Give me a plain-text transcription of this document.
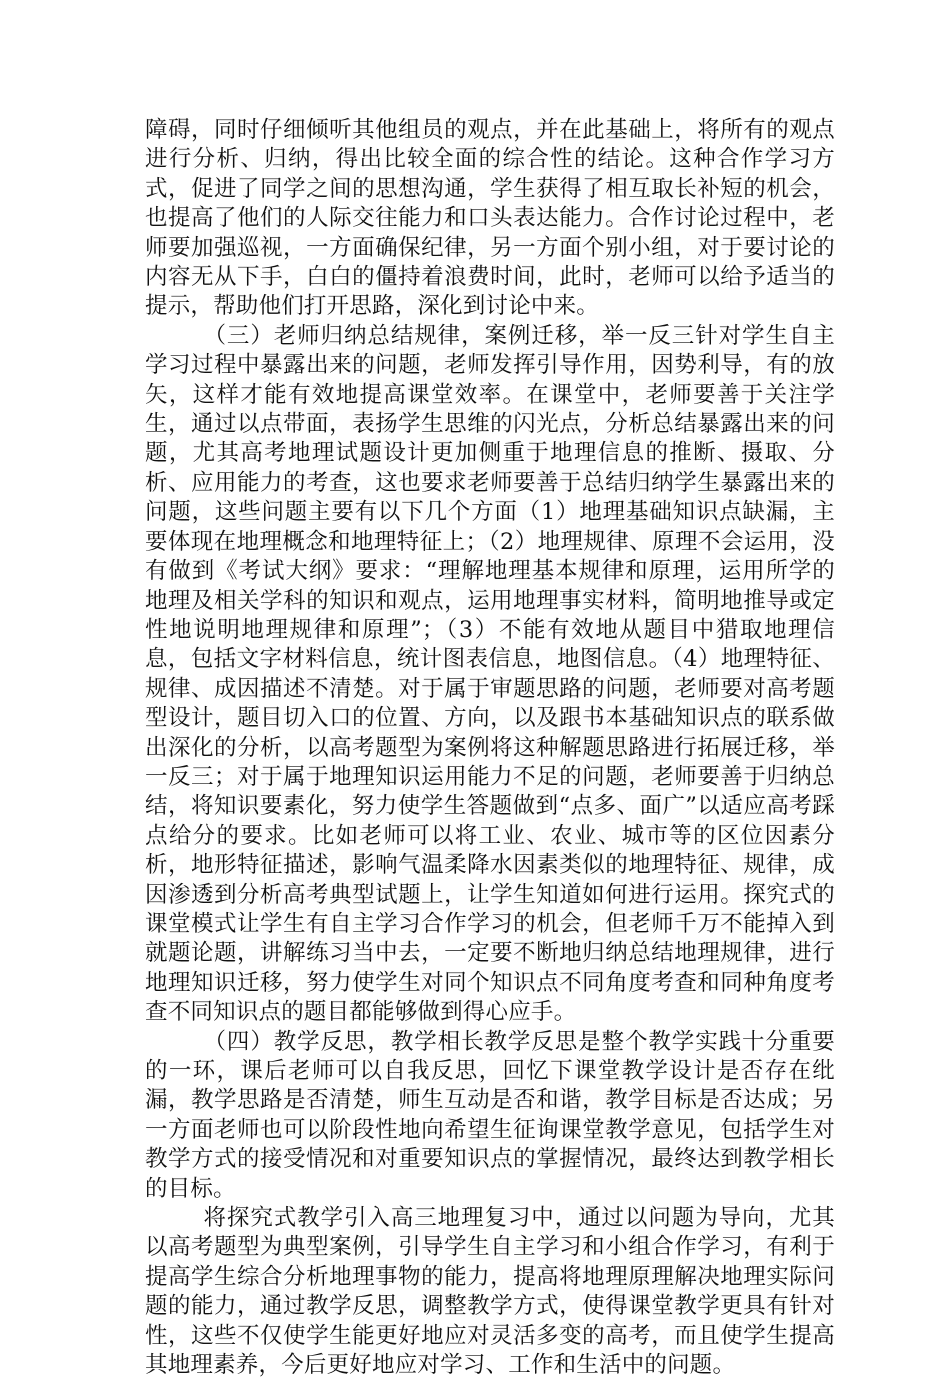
障碍，同时仔细倾听其他组员的观点，并在此基础上，将所有的观点进行分析、归纳，得出比较全面的综合性的结论。这种合作学习方式，促进了同学之间的思想沟通，学生获得了相互取长补短的机会，也提高了他们的人际交往能力和口头表达能力。合作讨论过程中，老师要加强巡视，一方面确保纪律，另一方面个别小组，对于要讨论的内容无从下手，白白的僵持着浪费时间，此时，老师可以给予适当的提示，帮助他们打开思路，深化到讨论中来。

（三）老师归纳总结规律，案例迁移，举一反三针对学生自主学习过程中暴露出来的问题，老师发挥引导作用，因势利导，有的放矢，这样才能有效地提高课堂效率。在课堂中，老师要善于关注学生，通过以点带面，表扬学生思维的闪光点，分析总结暴露出来的问题，尤其高考地理试题设计更加侧重于地理信息的推断、摄取、分析、应用能力的考查，这也要求老师要善于总结归纳学生暴露出来的问题，这些问题主要有以下几个方面（1）地理基础知识点缺漏，主要体现在地理概念和地理特征上；（2）地理规律、原理不会运用，没有做到《考试大纲》要求：“理解地理基本规律和原理，运用所学的地理及相关学科的知识和观点，运用地理事实材料，简明地推导或定性地说明地理规律和原理”；（3）不能有效地从题目中猎取地理信息，包括文字材料信息，统计图表信息，地图信息。（4）地理特征、规律、成因描述不清楚。对于属于审题思路的问题，老师要对高考题型设计，题目切入口的位置、方向，以及跟书本基础知识点的联系做出深化的分析，以高考题型为案例将这种解题思路进行拓展迁移，举一反三；对于属于地理知识运用能力不足的问题，老师要善于归纳总结，将知识要素化，努力使学生答题做到“点多、面广”以适应高考踩点给分的要求。比如老师可以将工业、农业、城市等的区位因素分析，地形特征描述，影响气温柔降水因素类似的地理特征、规律，成因渗透到分析高考典型试题上，让学生知道如何进行运用。探究式的课堂模式让学生有自主学习合作学习的机会，但老师千万不能掉入到就题论题，讲解练习当中去，一定要不断地归纳总结地理规律，进行地理知识迁移，努力使学生对同个知识点不同角度考查和同种角度考查不同知识点的题目都能够做到得心应手。

（四）教学反思，教学相长教学反思是整个教学实践十分重要的一环，课后老师可以自我反思，回忆下课堂教学设计是否存在纰漏，教学思路是否清楚，师生互动是否和谐，教学目标是否达成；另一方面老师也可以阶段性地向希望生征询课堂教学意见，包括学生对教学方式的接受情况和对重要知识点的掌握情况，最终达到教学相长的目标。

将探究式教学引入高三地理复习中，通过以问题为导向，尤其以高考题型为典型案例，引导学生自主学习和小组合作学习，有利于提高学生综合分析地理事物的能力，提高将地理原理解决地理实际问题的能力，通过教学反思，调整教学方式，使得课堂教学更具有针对性，这些不仅使学生能更好地应对灵活多变的高考，而且使学生提高其地理素养，今后更好地应对学习、工作和生活中的问题。
